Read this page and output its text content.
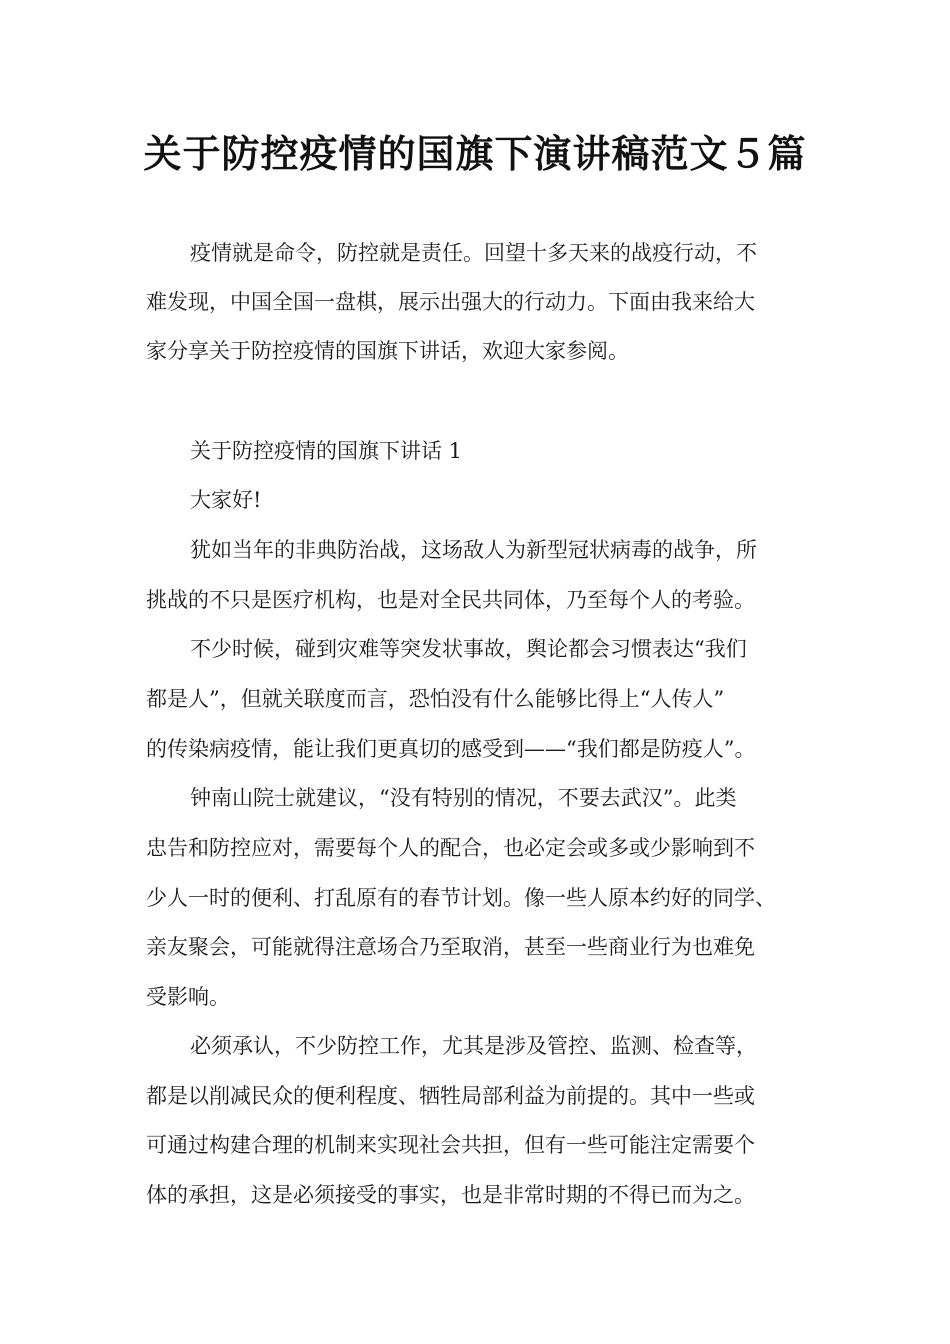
关于防控疫情的国旗下演讲稿范文５篇
疫情就是命令，防控就是责任。回望十多天来的战疫行动，不
难发现，中国全国一盘棋，展示出强大的行动力。下面由我来给大
家分享关于防控疫情的国旗下讲话，欢迎大家参阅。
关于防控疫情的国旗下讲话 1
大家好!
犹如当年的非典防治战，这场敌人为新型冠状病毒的战争，所
挑战的不只是医疗机构，也是对全民共同体，乃至每个人的考验。
不少时候，碰到灾难等突发状事故，舆论都会习惯表达“我们
都是人”，但就关联度而言，恐怕没有什么能够比得上“人传人”
的传染病疫情，能让我们更真切的感受到——“我们都是防疫人”。
钟南山院士就建议，“没有特别的情况，不要去武汉”。此类
忠告和防控应对，需要每个人的配合，也必定会或多或少影响到不
少人一时的便利、打乱原有的春节计划。像一些人原本约好的同学、
亲友聚会，可能就得注意场合乃至取消，甚至一些商业行为也难免
受影响。
必须承认，不少防控工作，尤其是涉及管控、监测、检查等，
都是以削减民众的便利程度、牺牲局部利益为前提的。其中一些或
可通过构建合理的机制来实现社会共担，但有一些可能注定需要个
体的承担，这是必须接受的事实，也是非常时期的不得已而为之。
